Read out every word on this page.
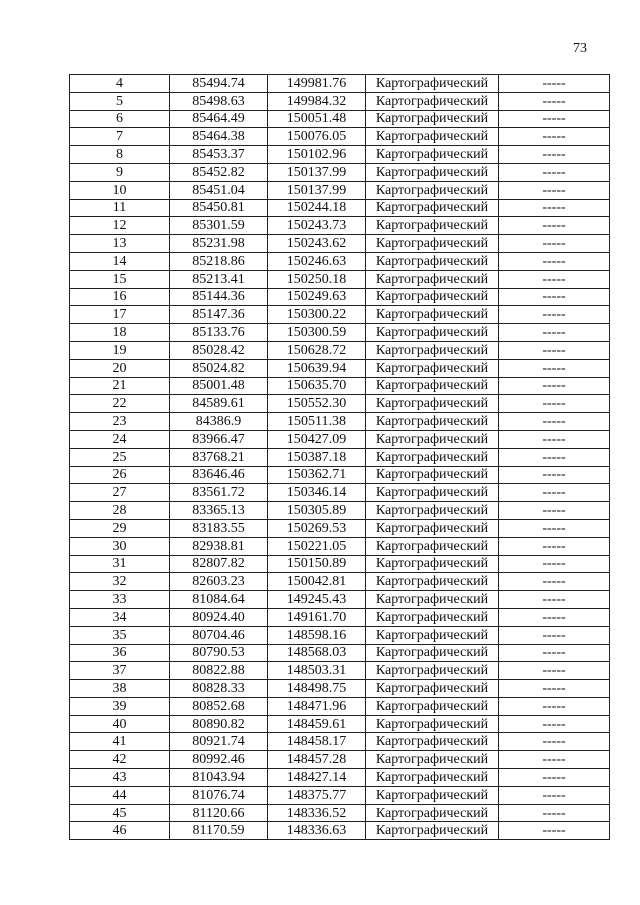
73
4	85494.74	149981.76	Картографический	-----
5	85498.63	149984.32	Картографический	-----
6	85464.49	150051.48	Картографический	-----
7	85464.38	150076.05	Картографический	-----
8	85453.37	150102.96	Картографический	-----
9	85452.82	150137.99	Картографический	-----
10	85451.04	150137.99	Картографический	-----
11	85450.81	150244.18	Картографический	-----
12	85301.59	150243.73	Картографический	-----
13	85231.98	150243.62	Картографический	-----
14	85218.86	150246.63	Картографический	-----
15	85213.41	150250.18	Картографический	-----
16	85144.36	150249.63	Картографический	-----
17	85147.36	150300.22	Картографический	-----
18	85133.76	150300.59	Картографический	-----
19	85028.42	150628.72	Картографический	-----
20	85024.82	150639.94	Картографический	-----
21	85001.48	150635.70	Картографический	-----
22	84589.61	150552.30	Картографический	-----
23	84386.9	150511.38	Картографический	-----
24	83966.47	150427.09	Картографический	-----
25	83768.21	150387.18	Картографический	-----
26	83646.46	150362.71	Картографический	-----
27	83561.72	150346.14	Картографический	-----
28	83365.13	150305.89	Картографический	-----
29	83183.55	150269.53	Картографический	-----
30	82938.81	150221.05	Картографический	-----
31	82807.82	150150.89	Картографический	-----
32	82603.23	150042.81	Картографический	-----
33	81084.64	149245.43	Картографический	-----
34	80924.40	149161.70	Картографический	-----
35	80704.46	148598.16	Картографический	-----
36	80790.53	148568.03	Картографический	-----
37	80822.88	148503.31	Картографический	-----
38	80828.33	148498.75	Картографический	-----
39	80852.68	148471.96	Картографический	-----
40	80890.82	148459.61	Картографический	-----
41	80921.74	148458.17	Картографический	-----
42	80992.46	148457.28	Картографический	-----
43	81043.94	148427.14	Картографический	-----
44	81076.74	148375.77	Картографический	-----
45	81120.66	148336.52	Картографический	-----
46	81170.59	148336.63	Картографический	-----
